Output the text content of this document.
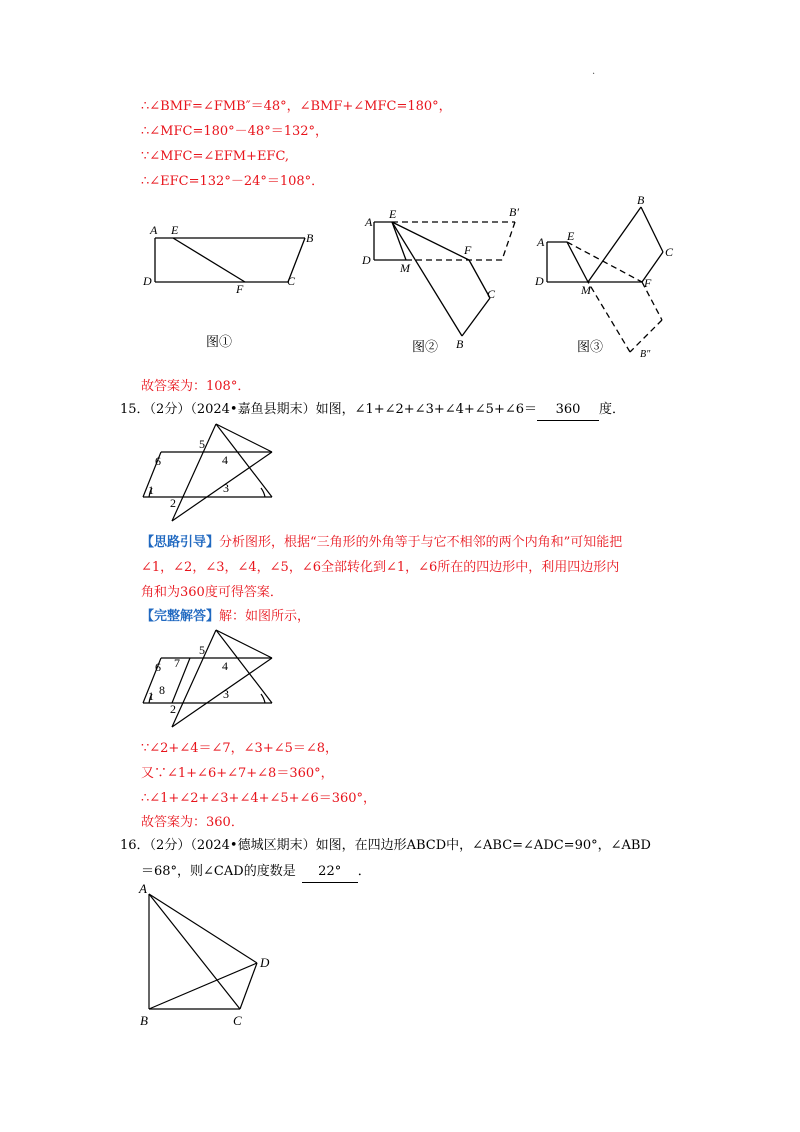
.
∴∠BMF=∠FMB″＝48°，∠BMF+∠MFC=180°，
∴∠MFC=180°－48°＝132°，
∵∠MFC=∠EFM+EFC,
∴∠EFC=132°－24°＝108°．
A E
B
D
F
C
A
E	B′
D
M
F
C
B
A E
B
C
D
M	F
B″
图①	图②	图③
故答案为：108°．
15．（2分）（2024•嘉鱼县期末）如图，∠1+∠2+∠3+∠4+∠5+∠6＝ 360 度．
1
2
3
4
5
6
【思路引导】分析图形，根据“三角形的外角等于与它不相邻的两个内角和”可知能把
∠1，∠2，∠3，∠4，∠5，∠6全部转化到∠1，∠6所在的四边形中，利用四边形内
角和为360度可得答案．
【完整解答】解：如图所示，
1
2
3
4
5
6 7
8
∵∠2+∠4＝∠7，∠3+∠5＝∠8，
又∵∠1+∠6+∠7+∠8＝360°，
∴∠1+∠2+∠3+∠4+∠5+∠6＝360°，
故答案为：360．
16．（2分）（2024•德城区期末）如图，在四边形ABCD中，∠ABC=∠ADC=90°，∠ABD
＝68°，则∠CAD的度数是 22° ．
A
B	C
D
